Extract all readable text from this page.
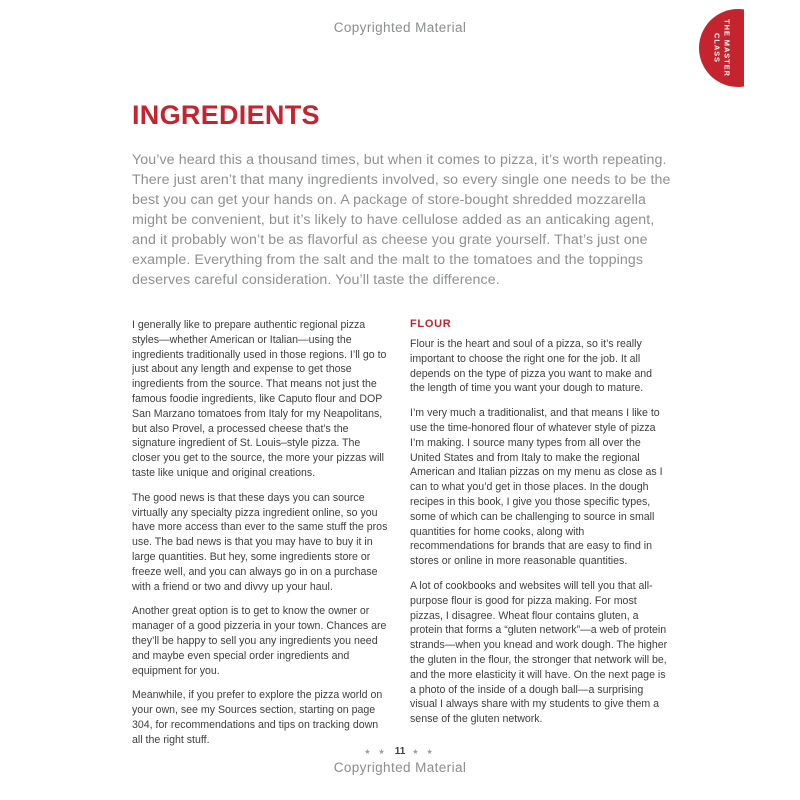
Copyrighted Material	THE MASTER
CLASS
INGREDIENTS

You’ve heard this a thousand times, but when it comes to pizza, it’s worth repeating. There just aren’t that many ingredients involved, so every single one needs to be the best you can get your hands on. A package of store-bought shredded mozzarella might be convenient, but it’s likely to have cellulose added as an anticaking agent, and it probably won’t be as flavorful as cheese you grate yourself. That’s just one example. Everything from the salt and the malt to the tomatoes and the toppings deserves careful consideration. You’ll taste the difference.

I generally like to prepare authentic regional pizza styles—whether American or Italian—using the ingredients traditionally used in those regions. I’ll go to just about any length and expense to get those ingredients from the source. That means not just the famous foodie ingredients, like Caputo flour and DOP San Marzano tomatoes from Italy for my Neapolitans, but also Provel, a processed cheese that’s the signature ingredient of St. Louis–style pizza. The closer you get to the source, the more your pizzas will taste like unique and original creations.

The good news is that these days you can source virtually any specialty pizza ingredient online, so you have more access than ever to the same stuff the pros use. The bad news is that you may have to buy it in large quantities. But hey, some ingredients store or freeze well, and you can always go in on a purchase with a friend or two and divvy up your haul.

Another great option is to get to know the owner or manager of a good pizzeria in your town. Chances are they’ll be happy to sell you any ingredients you need and maybe even special order ingredients and equipment for you.

Meanwhile, if you prefer to explore the pizza world on your own, see my Sources section, starting on page 304, for recommendations and tips on tracking down all the right stuff.

FLOUR

Flour is the heart and soul of a pizza, so it’s really important to choose the right one for the job. It all depends on the type of pizza you want to make and the length of time you want your dough to mature.

I’m very much a traditionalist, and that means I like to use the time-honored flour of whatever style of pizza I’m making. I source many types from all over the United States and from Italy to make the regional American and Italian pizzas on my menu as close as I can to what you’d get in those places. In the dough recipes in this book, I give you those specific types, some of which can be challenging to source in small quantities for home cooks, along with recommendations for brands that are easy to find in stores or online in more reasonable quantities.

A lot of cookbooks and websites will tell you that all-purpose flour is good for pizza making. For most pizzas, I disagree. Wheat flour contains gluten, a protein that forms a “gluten network”—a web of protein strands—when you knead and work dough. The higher the gluten in the flour, the stronger that network will be, and the more elasticity it will have. On the next page is a photo of the inside of a dough ball—a surprising visual I always share with my students to give them a sense of the gluten network.

★ ★ 11 ★ ★
Copyrighted Material
